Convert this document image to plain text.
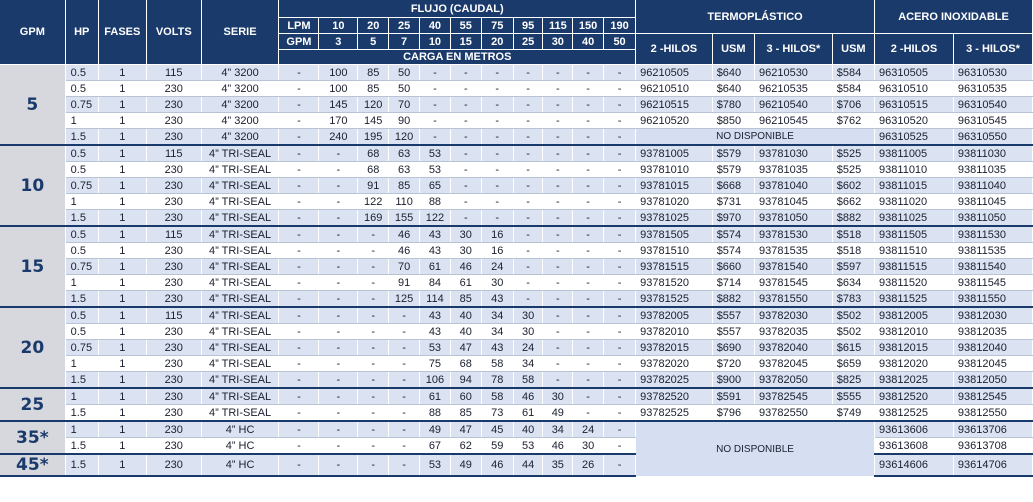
GPM	HP	FASES	VOLTS	SERIE	FLUJO (CAUDAL)											TERMOPLÁSTICO				ACERO INOXIDABLE	
					LPM	10	20	25	40	55	75	95	115	150	190						
					GPM	3	5	7	10	15	20	25	30	40	50	2 -HILOS	USM	3 - HILOS*	USM	2 -HILOS	3 - HILOS*
					CARGA EN METROS																
5	0.5	1	115	4” 3200	-	100	85	50	-	-	-	-	-	-	-	96210505	$640	96210530	$584	96310505	96310530
	0.5	1	230	4” 3200	-	100	85	50	-	-	-	-	-	-	-	96210510	$640	96210535	$584	96310510	96310535
	0.75	1	230	4” 3200	-	145	120	70	-	-	-	-	-	-	-	96210515	$780	96210540	$706	96310515	96310540
	1	1	230	4” 3200	-	170	145	90	-	-	-	-	-	-	-	96210520	$850	96210545	$762	96310520	96310545
	1.5	1	230	4” 3200	-	240	195	120	-	-	-	-	-	-	-	NO DISPONIBLE				96310525	96310550
10	0.5	1	115	4” TRI-SEAL	-	-	68	63	53	-	-	-	-	-	-	93781005	$579	93781030	$525	93811005	93811030
	0.5	1	230	4” TRI-SEAL	-	-	68	63	53	-	-	-	-	-	-	93781010	$579	93781035	$525	93811010	93811035
	0.75	1	230	4” TRI-SEAL	-	-	91	85	65	-	-	-	-	-	-	93781015	$668	93781040	$602	93811015	93811040
	1	1	230	4” TRI-SEAL	-	-	122	110	88	-	-	-	-	-	-	93781020	$731	93781045	$662	93811020	93811045
	1.5	1	230	4” TRI-SEAL	-	-	169	155	122	-	-	-	-	-	-	93781025	$970	93781050	$882	93811025	93811050
15	0.5	1	115	4” TRI-SEAL	-	-	-	46	43	30	16	-	-	-	-	93781505	$574	93781530	$518	93811505	93811530
	0.5	1	230	4” TRI-SEAL	-	-	-	46	43	30	16	-	-	-	-	93781510	$574	93781535	$518	93811510	93811535
	0.75	1	230	4” TRI-SEAL	-	-	-	70	61	46	24	-	-	-	-	93781515	$660	93781540	$597	93811515	93811540
	1	1	230	4” TRI-SEAL	-	-	-	91	84	61	30	-	-	-	-	93781520	$714	93781545	$634	93811520	93811545
	1.5	1	230	4” TRI-SEAL	-	-	-	125	114	85	43	-	-	-	-	93781525	$882	93781550	$783	93811525	93811550
20	0.5	1	115	4” TRI-SEAL	-	-	-	-	43	40	34	30	-	-	-	93782005	$557	93782030	$502	93812005	93812030
	0.5	1	230	4” TRI-SEAL	-	-	-	-	43	40	34	30	-	-	-	93782010	$557	93782035	$502	93812010	93812035
	0.75	1	230	4” TRI-SEAL	-	-	-	-	53	47	43	24	-	-	-	93782015	$690	93782040	$615	93812015	93812040
	1	1	230	4” TRI-SEAL	-	-	-	-	75	68	58	34	-	-	-	93782020	$720	93782045	$659	93812020	93812045
	1.5	1	230	4” TRI-SEAL	-	-	-	-	106	94	78	58	-	-	-	93782025	$900	93782050	$825	93812025	93812050
25	1	1	230	4” TRI-SEAL	-	-	-	-	61	60	58	46	30	-	-	93782520	$591	93782545	$555	93812520	93812545
	1.5	1	230	4” TRI-SEAL	-	-	-	-	88	85	73	61	49	-	-	93782525	$796	93782550	$749	93812525	93812550
35*	1	1	230	4” HC	-	-	-	-	49	47	45	40	34	24	-	NO DISPONIBLE				93613606	93613706
	1.5	1	230	4” HC	-	-	-	-	67	62	59	53	46	30	-					93613608	93613708
45*	1.5	1	230	4” HC	-	-	-	-	53	49	46	44	35	26	-					93614606	93614706
